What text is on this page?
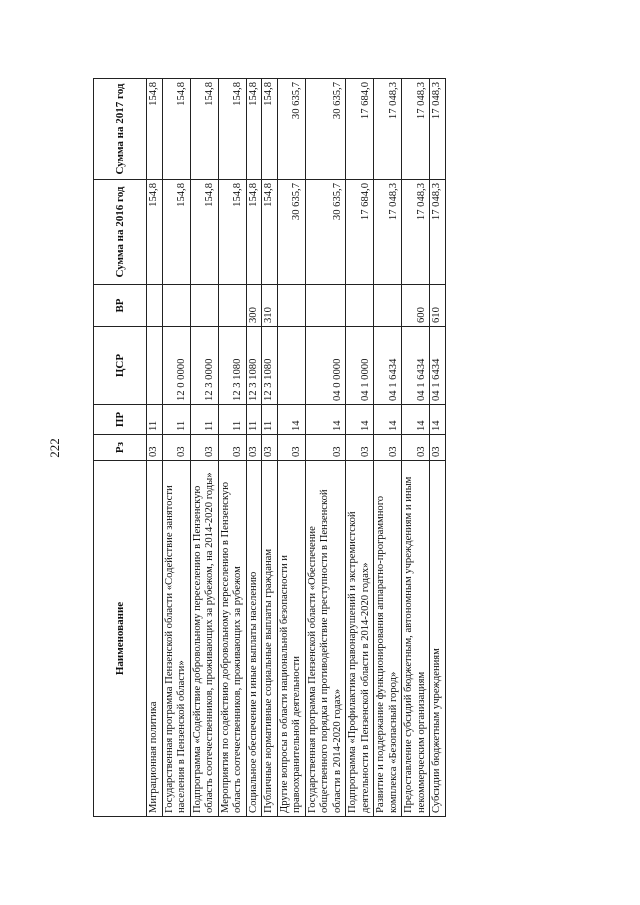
222
Наименование	Рз	ПР	ЦСР	ВР	Сумма на 2016 год	Сумма на 2017 год
Миграционная политика	03	11			154,8	154,8
Государственная программа Пензенской области «Содействие занятости населения в Пензенской области»	03	11	12 0 0000		154,8	154,8
Подпрограмма «Содействие добровольному переселению в Пензенскую область соотечественников, проживающих за рубежом, на 2014-2020 годы»	03	11	12 3 0000		154,8	154,8
Мероприятия по содействию добровольному переселению в Пензенскую область соотечественников, проживающих за рубежом	03	11	12 3 1080		154,8	154,8
Социальное обеспечение и иные выплаты населению	03	11	12 3 1080	300	154,8	154,8
Публичные нормативные социальные выплаты гражданам	03	11	12 3 1080	310	154,8	154,8
Другие вопросы в области национальной безопасности и правоохранительной деятельности	03	14			30 635,7	30 635,7
Государственная программа Пензенской области «Обеспечение общественного порядка и противодействие преступности в Пензенской области в 2014-2020 годах»	03	14	04 0 0000		30 635,7	30 635,7
Подпрограмма «Профилактика правонарушений и экстремистской деятельности в Пензенской области в 2014-2020 годах»	03	14	04 1 0000		17 684,0	17 684,0
Развитие и поддержание функционирования аппаратно-программного комплекса «Безопасный город»	03	14	04 1 6434		17 048,3	17 048,3
Предоставление субсидий бюджетным, автономным учреждениям и иным некоммерческим организациям	03	14	04 1 6434	600	17 048,3	17 048,3
Субсидии бюджетным учреждениям	03	14	04 1 6434	610	17 048,3	17 048,3
